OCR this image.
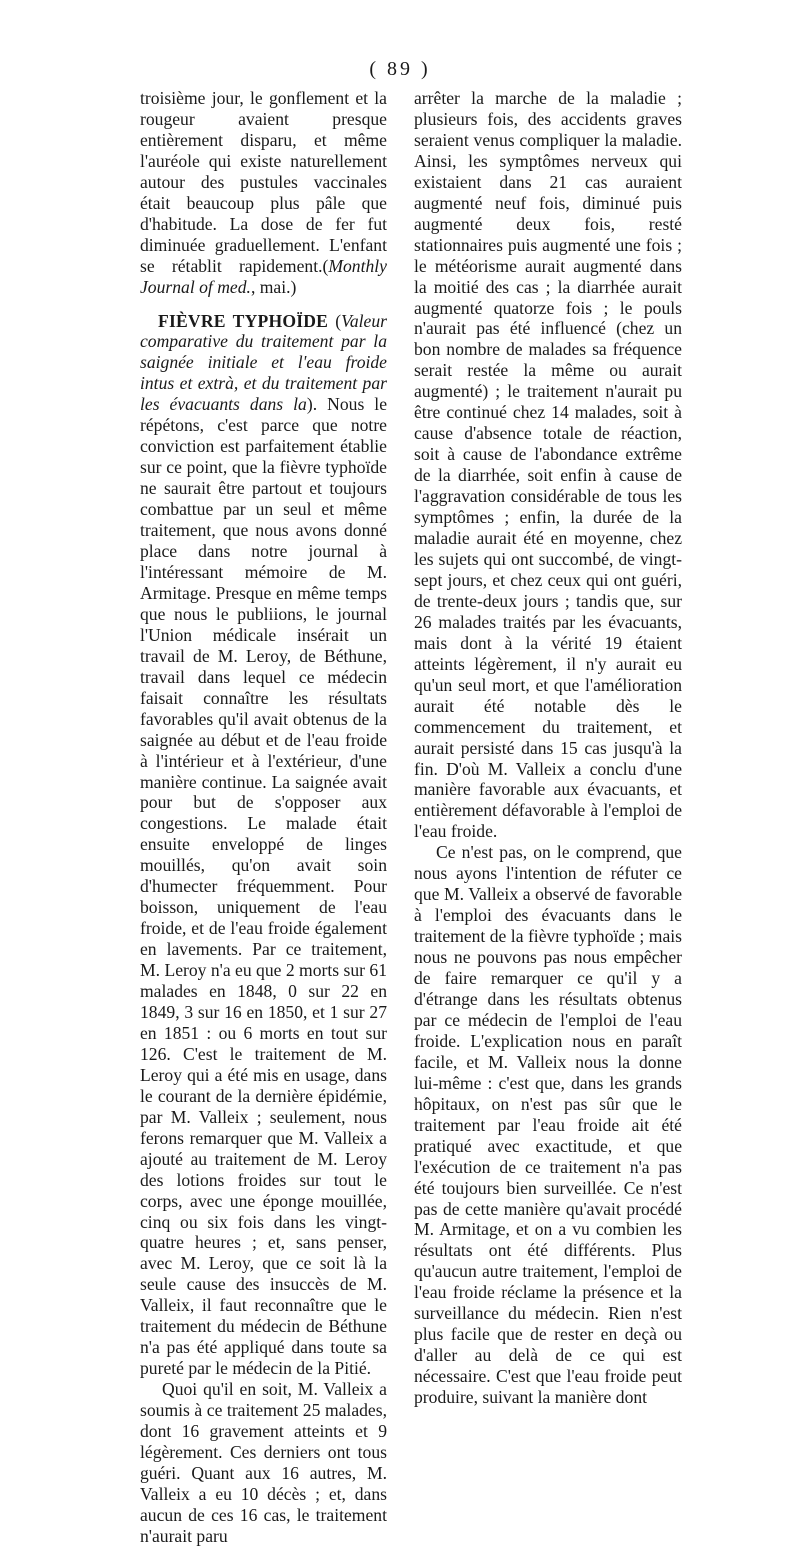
( 89 )

troisième jour, le gonflement et la rougeur avaient presque entièrement disparu, et même l'auréole qui existe naturellement autour des pustules vaccinales était beaucoup plus pâle que d'habitude. La dose de fer fut diminuée graduellement. L'enfant se rétablit rapidement.(Monthly Journal of med., mai.)

FIÈVRE TYPHOÏDE (Valeur comparative du traitement par la saignée initiale et l'eau froide intus et extrà, et du traitement par les évacuants dans la). Nous le répétons, c'est parce que notre conviction est parfaitement établie sur ce point, que la fièvre typhoïde ne saurait être partout et toujours combattue par un seul et même traitement, que nous avons donné place dans notre journal à l'intéressant mémoire de M. Armitage. Presque en même temps que nous le publiions, le journal l'Union médicale insérait un travail de M. Leroy, de Béthune, travail dans lequel ce médecin faisait connaître les résultats favorables qu'il avait obtenus de la saignée au début et de l'eau froide à l'intérieur et à l'extérieur, d'une manière continue. La saignée avait pour but de s'opposer aux congestions. Le malade était ensuite enveloppé de linges mouillés, qu'on avait soin d'humecter fréquemment. Pour boisson, uniquement de l'eau froide, et de l'eau froide également en lavements. Par ce traitement, M. Leroy n'a eu que 2 morts sur 61 malades en 1848, 0 sur 22 en 1849, 3 sur 16 en 1850, et 1 sur 27 en 1851 : ou 6 morts en tout sur 126. C'est le traitement de M. Leroy qui a été mis en usage, dans le courant de la dernière épidémie, par M. Valleix ; seulement, nous ferons remarquer que M. Valleix a ajouté au traitement de M. Leroy des lotions froides sur tout le corps, avec une éponge mouillée, cinq ou six fois dans les vingt-quatre heures ; et, sans penser, avec M. Leroy, que ce soit là la seule cause des insuccès de M. Valleix, il faut reconnaître que le traitement du médecin de Béthune n'a pas été appliqué dans toute sa pureté par le médecin de la Pitié.

Quoi qu'il en soit, M. Valleix a soumis à ce traitement 25 malades, dont 16 gravement atteints et 9 légèrement. Ces derniers ont tous guéri. Quant aux 16 autres, M. Valleix a eu 10 décès ; et, dans aucun de ces 16 cas, le traitement n'aurait paru

arrêter la marche de la maladie ; plusieurs fois, des accidents graves seraient venus compliquer la maladie. Ainsi, les symptômes nerveux qui existaient dans 21 cas auraient augmenté neuf fois, diminué puis augmenté deux fois, resté stationnaires puis augmenté une fois ; le météorisme aurait augmenté dans la moitié des cas ; la diarrhée aurait augmenté quatorze fois ; le pouls n'aurait pas été influencé (chez un bon nombre de malades sa fréquence serait restée la même ou aurait augmenté) ; le traitement n'aurait pu être continué chez 14 malades, soit à cause d'absence totale de réaction, soit à cause de l'abondance extrême de la diarrhée, soit enfin à cause de l'aggravation considérable de tous les symptômes ; enfin, la durée de la maladie aurait été en moyenne, chez les sujets qui ont succombé, de vingt-sept jours, et chez ceux qui ont guéri, de trente-deux jours ; tandis que, sur 26 malades traités par les évacuants, mais dont à la vérité 19 étaient atteints légèrement, il n'y aurait eu qu'un seul mort, et que l'amélioration aurait été notable dès le commencement du traitement, et aurait persisté dans 15 cas jusqu'à la fin. D'où M. Valleix a conclu d'une manière favorable aux évacuants, et entièrement défavorable à l'emploi de l'eau froide.

Ce n'est pas, on le comprend, que nous ayons l'intention de réfuter ce que M. Valleix a observé de favorable à l'emploi des évacuants dans le traitement de la fièvre typhoïde ; mais nous ne pouvons pas nous empêcher de faire remarquer ce qu'il y a d'étrange dans les résultats obtenus par ce médecin de l'emploi de l'eau froide. L'explication nous en paraît facile, et M. Valleix nous la donne lui-même : c'est que, dans les grands hôpitaux, on n'est pas sûr que le traitement par l'eau froide ait été pratiqué avec exactitude, et que l'exécution de ce traitement n'a pas été toujours bien surveillée. Ce n'est pas de cette manière qu'avait procédé M. Armitage, et on a vu combien les résultats ont été différents. Plus qu'aucun autre traitement, l'emploi de l'eau froide réclame la présence et la surveillance du médecin. Rien n'est plus facile que de rester en deçà ou d'aller au delà de ce qui est nécessaire. C'est que l'eau froide peut produire, suivant la manière dont
